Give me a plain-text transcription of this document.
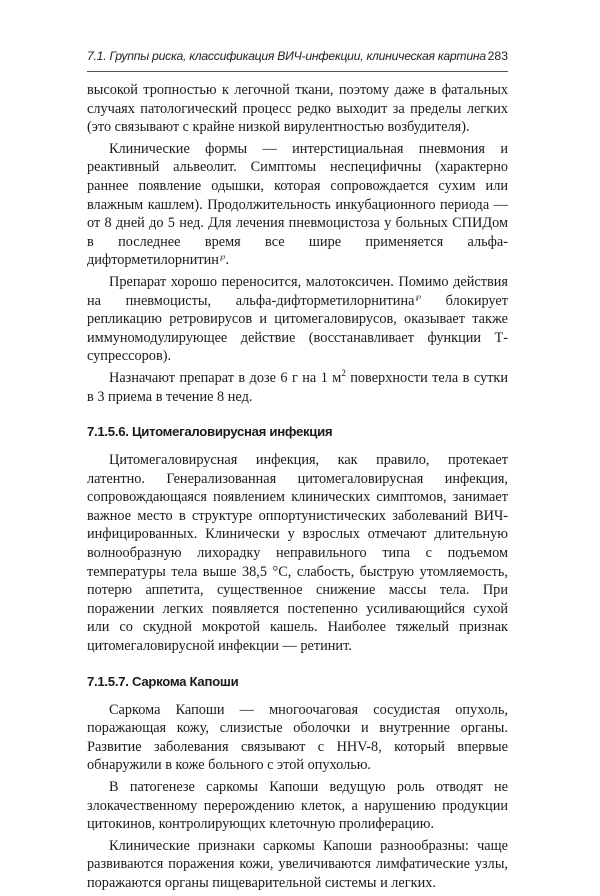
7.1. Группы риска, классификация ВИЧ-инфекции, клиническая картина 283

высокой тропностью к легочной ткани, поэтому даже в фатальных случаях патологический процесс редко выходит за пределы легких (это связывают с крайне низкой вирулентностью возбудителя).

Клинические формы — интерстициальная пневмония и реактивный альвеолит. Симптомы неспецифичны (характерно раннее появление одышки, которая сопровождается сухим или влажным кашлем). Продолжительность инкубационного периода — от 8 дней до 5 нед. Для лечения пневмоцистоза у больных СПИДом в последнее время все шире применяется альфа-дифторметилорнитин℘.

Препарат хорошо переносится, малотоксичен. Помимо действия на пневмоцисты, альфа-дифторметилорнитина℘ блокирует репликацию ретровирусов и цитомегаловирусов, оказывает также иммуномодулирующее действие (восстанавливает функции Т-супрессоров).

Назначают препарат в дозе 6 г на 1 $м^2$ поверхности тела в сутки в 3 приема в течение 8 нед.

7.1.5.6. Цитомегаловирусная инфекция

Цитомегаловирусная инфекция, как правило, протекает латентно. Генерализованная цитомегаловирусная инфекция, сопровождающаяся появлением клинических симптомов, занимает важное место в структуре оппортунистических заболеваний ВИЧ-инфицированных. Клинически у взрослых отмечают длительную волнообразную лихорадку неправильного типа с подъемом температуры тела выше 38,5 °С, слабость, быструю утомляемость, потерю аппетита, существенное снижение массы тела. При поражении легких появляется постепенно усиливающийся сухой или со скудной мокротой кашель. Наиболее тяжелый признак цитомегаловирусной инфекции — ретинит.

7.1.5.7. Саркома Капоши

Саркома Капоши — многоочаговая сосудистая опухоль, поражающая кожу, слизистые оболочки и внутренние органы. Развитие заболевания связывают с HHV-8, который впервые обнаружили в коже больного с этой опухолью.

В патогенезе саркомы Капоши ведущую роль отводят не злокачественному перерождению клеток, а нарушению продукции цитокинов, контролирующих клеточную пролиферацию.

Клинические признаки саркомы Капоши разнообразны: чаще развиваются поражения кожи, увеличиваются лимфатические узлы, поражаются органы пищеварительной системы и легких.
